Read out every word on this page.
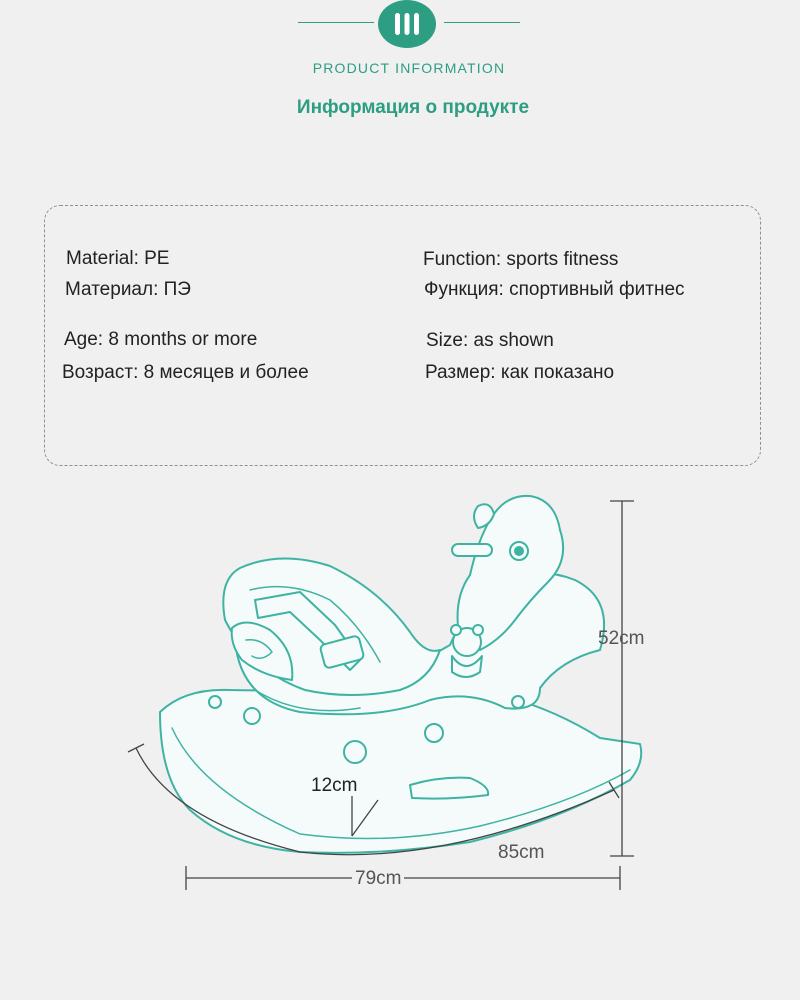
PRODUCT INFORMATION
Информация о продукте
Material: PE
Материал: ПЭ
Age: 8 months or more
Возраст: 8 месяцев и более
Function: sports fitness
Функция: спортивный фитнес
Size: as shown
Размер: как показано
52cm
12cm
85cm
79cm
